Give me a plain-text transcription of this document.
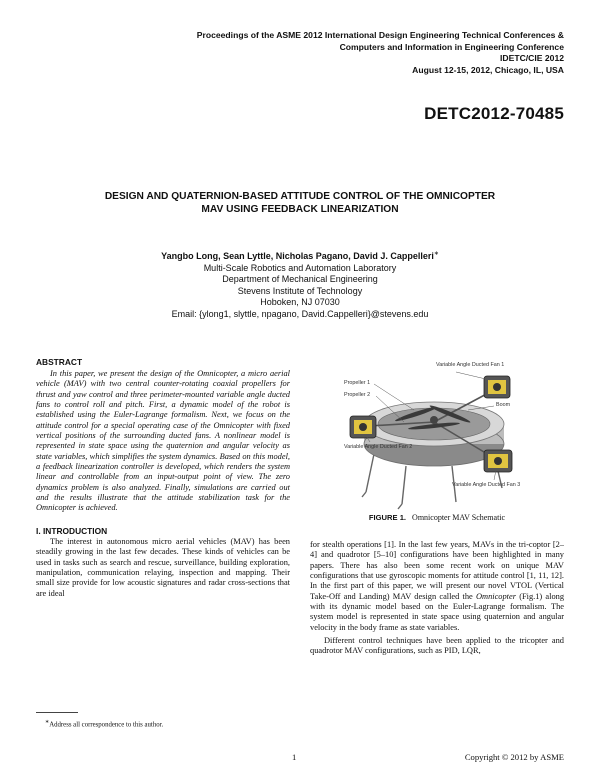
Proceedings of the ASME 2012 International Design Engineering Technical Conferences &
Computers and Information in Engineering Conference
IDETC/CIE 2012
August 12-15, 2012, Chicago, IL, USA
DETC2012-70485
DESIGN AND QUATERNION-BASED ATTITUDE CONTROL OF THE OMNICOPTER
MAV USING FEEDBACK LINEARIZATION
Yangbo Long, Sean Lyttle, Nicholas Pagano, David J. Cappelleri∗
Multi-Scale Robotics and Automation Laboratory
Department of Mechanical Engineering
Stevens Institute of Technology
Hoboken, NJ 07030
Email: {ylong1, slyttle, npagano, David.Cappelleri}@stevens.edu
ABSTRACT

In this paper, we present the design of the Omnicopter, a micro aerial vehicle (MAV) with two central counter-rotating coaxial propellers for thrust and yaw control and three perimeter-mounted variable angle ducted fans to control roll and pitch. First, a dynamic model of the robot is established using the Euler-Lagrange formalism. Next, we focus on the attitude control for a special operating case of the Omnicopter with fixed vertical positions of the surrounding ducted fans. A nonlinear model is represented in state space using the quaternion and angular velocity as state variables, which simplifies the system dynamics. Based on this model, a feedback linearization controller is developed, which renders the system linear and controllable from an input-output point of view. The zero dynamics problem is also analyzed. Finally, simulations are carried out and the results illustrate that the attitude stabilization task for the Omnicopter is achieved.

I. INTRODUCTION

The interest in autonomous micro aerial vehicles (MAV) has been steadily growing in the last few decades. These kinds of vehicles can be used in tasks such as search and rescue, surveillance, building exploration, manipulation, communication relaying, inspection and mapping. Their small size provide for low acoustic signatures and radar cross-sections that are ideal

∗Address all correspondence to this author.
Variable Angle Ducted Fan 1
Propeller 1
Propeller 2
Boom
Variable Angle Ducted Fan 2
Variable Angle Ducted Fan 3
FIGURE 1. Omnicopter MAV Schematic

for stealth operations [1]. In the last few years, MAVs in the tri-coptor [2–4] and quadrotor [5–10] configurations have been highlighted in many papers. There has also been some recent work on unique MAV configurations that use gyroscopic moments for attitude control [1, 11, 12]. In the first part of this paper, we will present our novel VTOL (Vertical Take-Off and Landing) MAV design called the Omnicopter (Fig.1) along with its dynamic model based on the Euler-Lagrange formalism. The system model is represented in state space using quaternion and angular velocity in the body frame as state variables.

Different control techniques have been applied to the tricopter and quadrotor MAV configurations, such as PID, LQR,

1	Copyright © 2012 by ASME
